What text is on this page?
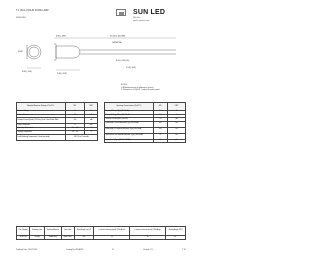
T-1 (3mm) SOLID STATE LAMP
XLMO10S
SUN LED
Web Site:
www.sunledusa.com
4.80 (.189)	25.40 (1.00) MIN.
CATHODE
0.50 (.020) SQ.
5.30 (.209)
3.80 (.150)
2.54 (.100)
FLAT
NOTES:
1. All dimensions are in millimeters (inches).
2. Tolerance is ±0.25(0.01") unless otherwise noted.
Absolute Maximum Ratings at Ta=25°C	MO	UNIT
Reverse Voltage	5	V
Forward Current	30	mA
Forward Current (Peak) 1/10 Duty Cycle 0.1ms Pulse Width	150	mA
Power Dissipation	75	mW
Operating Temperature	-40 ~ +85	°C
Storage Temperature	-40 ~ +85	°C
Lead Soldering Temperature 1.6mm from body	260°C For 3 Seconds	
Operating Characteristics (Ta=25°C)	MO	UNIT
Forward Voltage (Typ.) (IF=20mA)	2.0	V
Forward Voltage (Max.) (IF=20mA)	2.5	V
Reverse Current (Max.) (VR=5V)	10	µA
Wavelength Of Peak Emission (Typ.) (IF=20mA)	610	nm
Wavelength Of Dominant Emission (Typ.) (IF=20mA)	605	nm
Spectral Line Full Width At Half Max. (Typ.) (IF=20mA)	29	nm
Capacitance (Typ.) (VF=0V, f=1MHz)	15	pF
Part Number	Emitting Color	Emitting Material	Lens-color	Wavelength (nm) λP	Luminous Intensity (mcd) @20mA min.	Luminous Intensity (mcd) @20mA typ.	Viewing Angle 2θ1/2
XLMO10S	Orange	GaAsP/GaP	Water Clear	610	22	40	40°
Published Date : JUN 25,2002	Drawing No: XDSA1081	V1	Checked : R.L.	P 1/1
